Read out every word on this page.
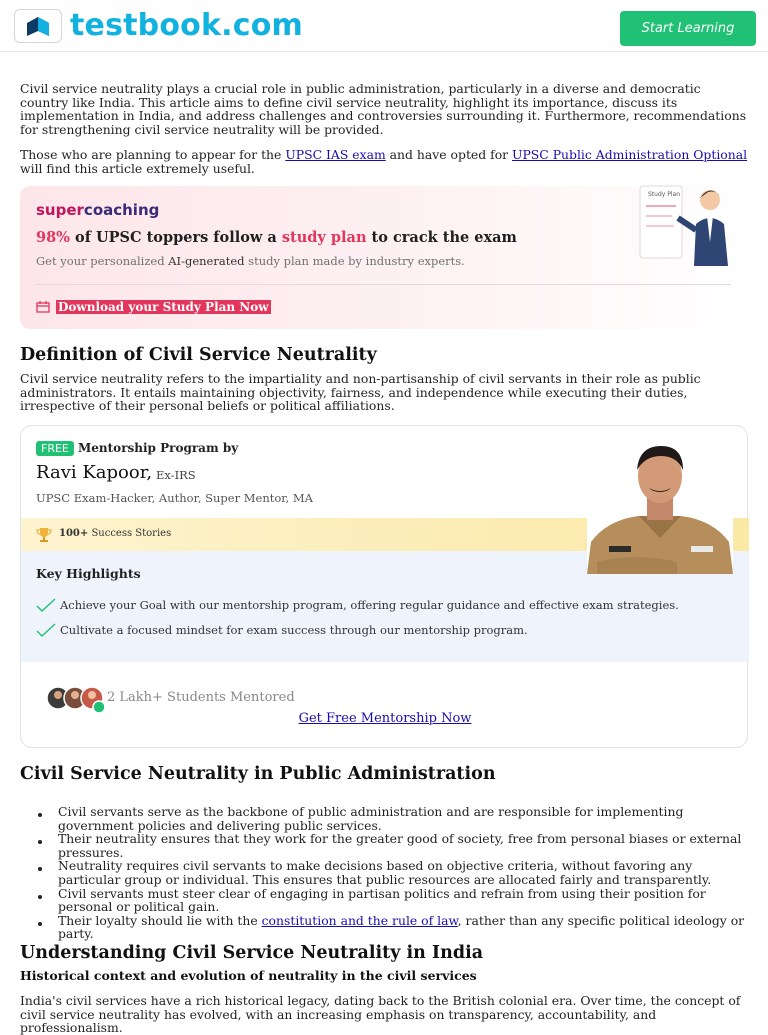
testbook.com	Start Learning

Civil service neutrality plays a crucial role in public administration, particularly in a diverse and democratic country like India. This article aims to define civil service neutrality, highlight its importance, discuss its implementation in India, and address challenges and controversies surrounding it. Furthermore, recommendations for strengthening civil service neutrality will be provided.

Those who are planning to appear for the UPSC IAS exam and have opted for UPSC Public Administration Optional will find this article extremely useful.

supercoaching
98% of UPSC toppers follow a study plan to crack the exam
Get your personalized AI-generated study plan made by industry experts.
Download your Study Plan Now
Study Plan
Definition of Civil Service Neutrality

Civil service neutrality refers to the impartiality and non-partisanship of civil servants in their role as public administrators. It entails maintaining objectivity, fairness, and independence while executing their duties, irrespective of their personal beliefs or political affiliations.

FREE Mentorship Program by
Ravi Kapoor, Ex-IRS
UPSC Exam-Hacker, Author, Super Mentor, MA
100+ Success Stories
Key Highlights
Achieve your Goal with our mentorship program, offering regular guidance and effective exam strategies.
Cultivate a focused mindset for exam success through our mentorship program.
2 Lakh+ Students Mentored
Get Free Mentorship Now
Civil Service Neutrality in Public Administration
Civil servants serve as the backbone of public administration and are responsible for implementing government policies and delivering public services.
Their neutrality ensures that they work for the greater good of society, free from personal biases or external pressures.
Neutrality requires civil servants to make decisions based on objective criteria, without favoring any particular group or individual. This ensures that public resources are allocated fairly and transparently.
Civil servants must steer clear of engaging in partisan politics and refrain from using their position for personal or political gain.
Their loyalty should lie with the constitution and the rule of law, rather than any specific political ideology or party.
Understanding Civil Service Neutrality in India
Historical context and evolution of neutrality in the civil services

India's civil services have a rich historical legacy, dating back to the British colonial era. Over time, the concept of civil service neutrality has evolved, with an increasing emphasis on transparency, accountability, and professionalism.
